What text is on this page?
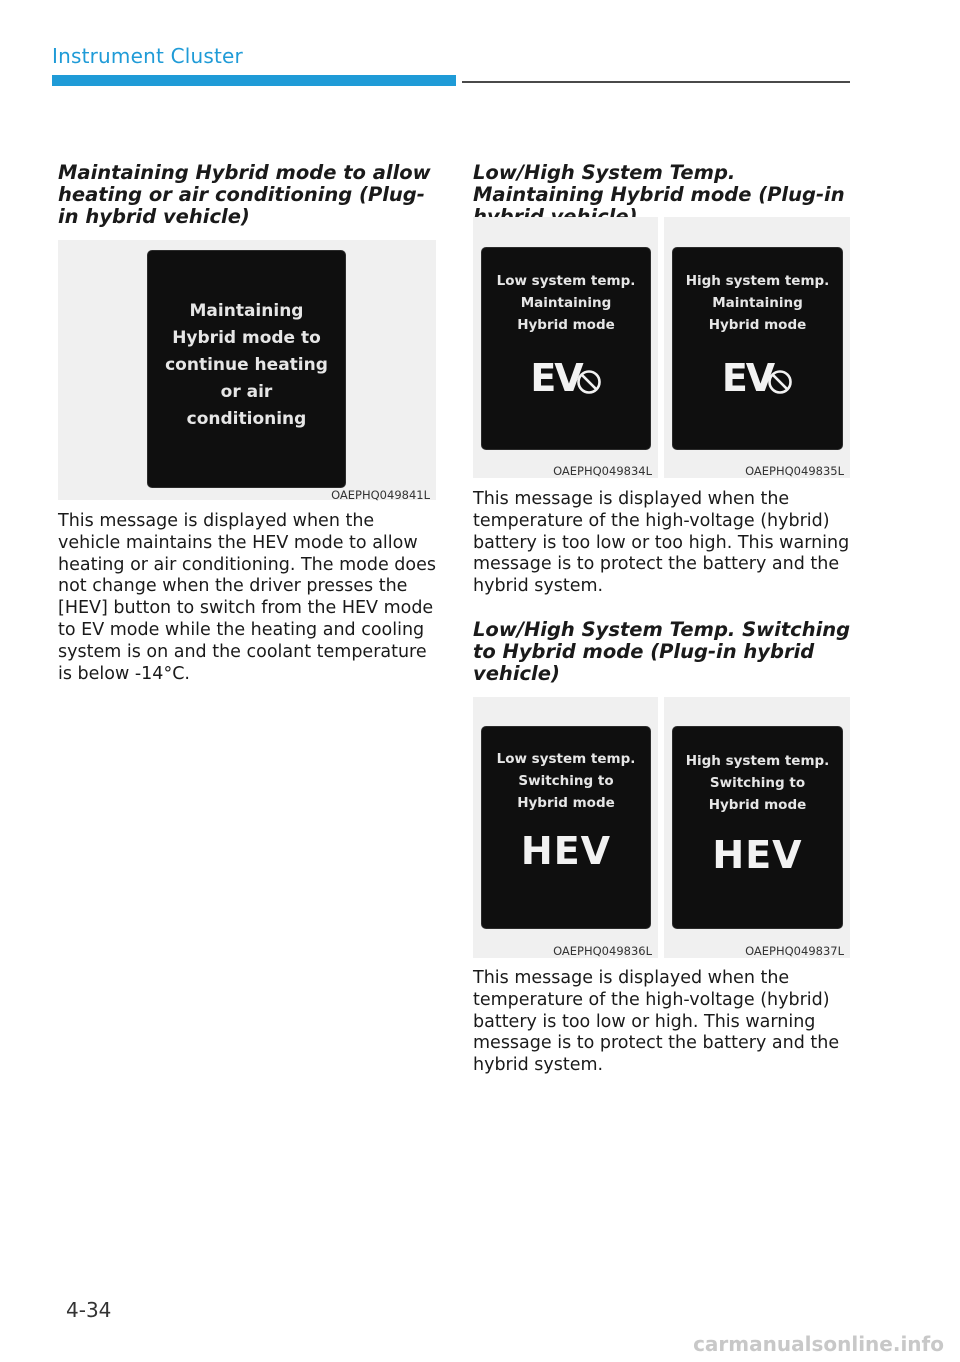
Instrument Cluster
Maintaining Hybrid mode to allow heating or air conditioning (Plug-in hybrid vehicle)
Maintaining
Hybrid mode to
continue heating
or air
conditioning
OAEPHQ049841L

This message is displayed when the vehicle maintains the HEV mode to allow heating or air conditioning. The mode does not change when the driver presses the [HEV] button to switch from the HEV mode to EV mode while the heating and cooling system is on and the coolant temperature is below -14°C.

Low/High System Temp. Maintaining Hybrid mode (Plug-in
Low system temp.
Maintaining
Hybrid mode
EV
OAEPHQ049834L
High system temp.
Maintaining
Hybrid mode
EV
OAEPHQ049835L

This message is displayed when the temperature of the high-voltage (hybrid) battery is too low or too high. This warning message is to protect the battery and the hybrid system.

Low/High System Temp. Switching to Hybrid mode (Plug-in hybrid vehicle)
Low system temp.
Switching to
Hybrid mode
HEV
OAEPHQ049836L
High system temp.
Switching to
Hybrid mode
HEV
OAEPHQ049837L

This message is displayed when the temperature of the high-voltage (hybrid) battery is too low or high. This warning message is to protect the battery and the hybrid system.

4-34
carmanualsonline.info
